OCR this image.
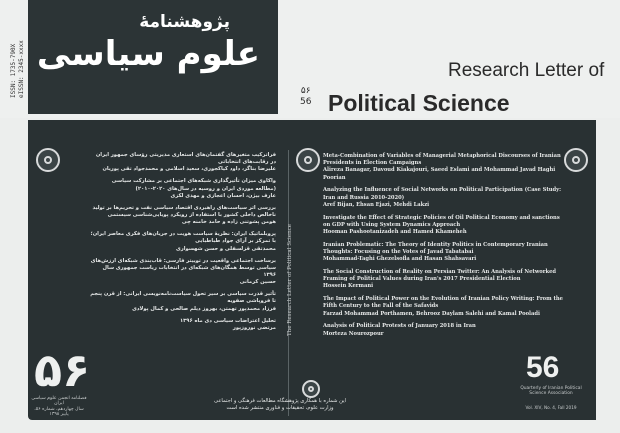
ISSN: 1735-790X eISSN: 2345-xxxx
پژوهشنامهٔ
علوم سیاسی	Research Letter of
۵۶
56 Political Science
The Research Letter of Political Science
فراترکیب متغیرهای گفتمان‌های استعاری مدیریتی رؤسای جمهور ایران در رقابت‌های انتخاباتی
علیرضا بناگر، داود کیاکجوری، سعید اسلامی و محمدجواد تقی پوریان
واکاوی میزان تأثیرگذاری شبکه‌های اجتماعی بر مشارکت سیاسی (مطالعه موردی ایران و روسیه در سال‌های ۲۰۲۰-۲۰۱۰)
عارف بیژن، احسان اعجازی و مهدی لکزی
بررسی اثر سیاست‌های راهبردی اقتصاد سیاسی نفت و تحریم‌ها بر تولید ناخالص داخلی کشور با استفاده از رویکرد پویایی‌شناسی سیستمی
هومن پشوتنی زاده و حامد خامنه چی
پروبلماتیک ایران: نظریهٔ سیاست هویت در جریان‌های فکری معاصر ایران؛ با تمرکز بر آرای جواد طباطبایی
محمدتقی قزلسفلی و حسن شهسواری
برساخت اجتماعی واقعیت در توییتر فارسی: قاب‌بندی شبکه‌ای ارزش‌های سیاسی توسط همگان‌های شبکه‌ای در انتخابات ریاست جمهوری سال ۱۳۹۶
حسین کرمانی
تأثیر قدرت سیاسی بر سیر تحول سیاست‌نامه‌نویسی ایرانی: از قرن پنجم تا فروپاشی صفویه
فرزاد محمدپور تهمتن، بهروز دیلم صالحی و کمال پولادی
تحلیل اعتراضات سیاسی دی ماه ۱۳۹۶
مرتضی نوروزپور
Meta-Combination of Variables of Managerial Metaphorical Discourses of Iranian Presidents in Election Campaigns
Alireza Banagar, Davoud Kiakajouri, Saeed Eslami and Mohammad Javad Haghi Poorian
Analyzing the Influence of Social Networks on Political Participation (Case Study: Iran and Russia 2010-2020)
Aref Bijan, Ehsan Ejazi, Mehdi Lakzi
Investigate the Effect of Strategic Policies of Oil Political Economy and sanctions on GDP with Using System Dynamics Approach
Hooman Pashootanizadeh and Hamed Khameheh
Iranian Problematic: The Theory of Identity Politics in Contemporary Iranian Thoughts: Focusing on the Votes of Javad Tabatabai
Mohammad-Taghi Ghezelsofla and Hasan Shahsavari
The Social Construction of Reality on Persian Twitter: An Analysis of Networked Framing of Political Values during Iran's 2017 Presidential Election
Hossein Kermani
The Impact of Political Power on the Evolution of Iranian Policy Writing: From the Fifth Century to the Fall of the Safavids
Farzad Mohammad Porthamen, Behrooz Daylam Salehi and Kamal Pooladi
Analysis of Political Protests of January 2018 in Iran
Morteza Nourozpour
۵۶
فصلنامه انجمن علوم سیاسی ایران
سال چهاردهم، شماره ۵۶، پاییز ۱۳۹۸
56
Quarterly of Iranian Political Science Association
Vol. XIV, No. 4, Fall 2019
این شماره با همکاری پژوهشگاه مطالعات فرهنگی و اجتماعی
وزارت علوم، تحقیقات و فناوری منتشر شده است
